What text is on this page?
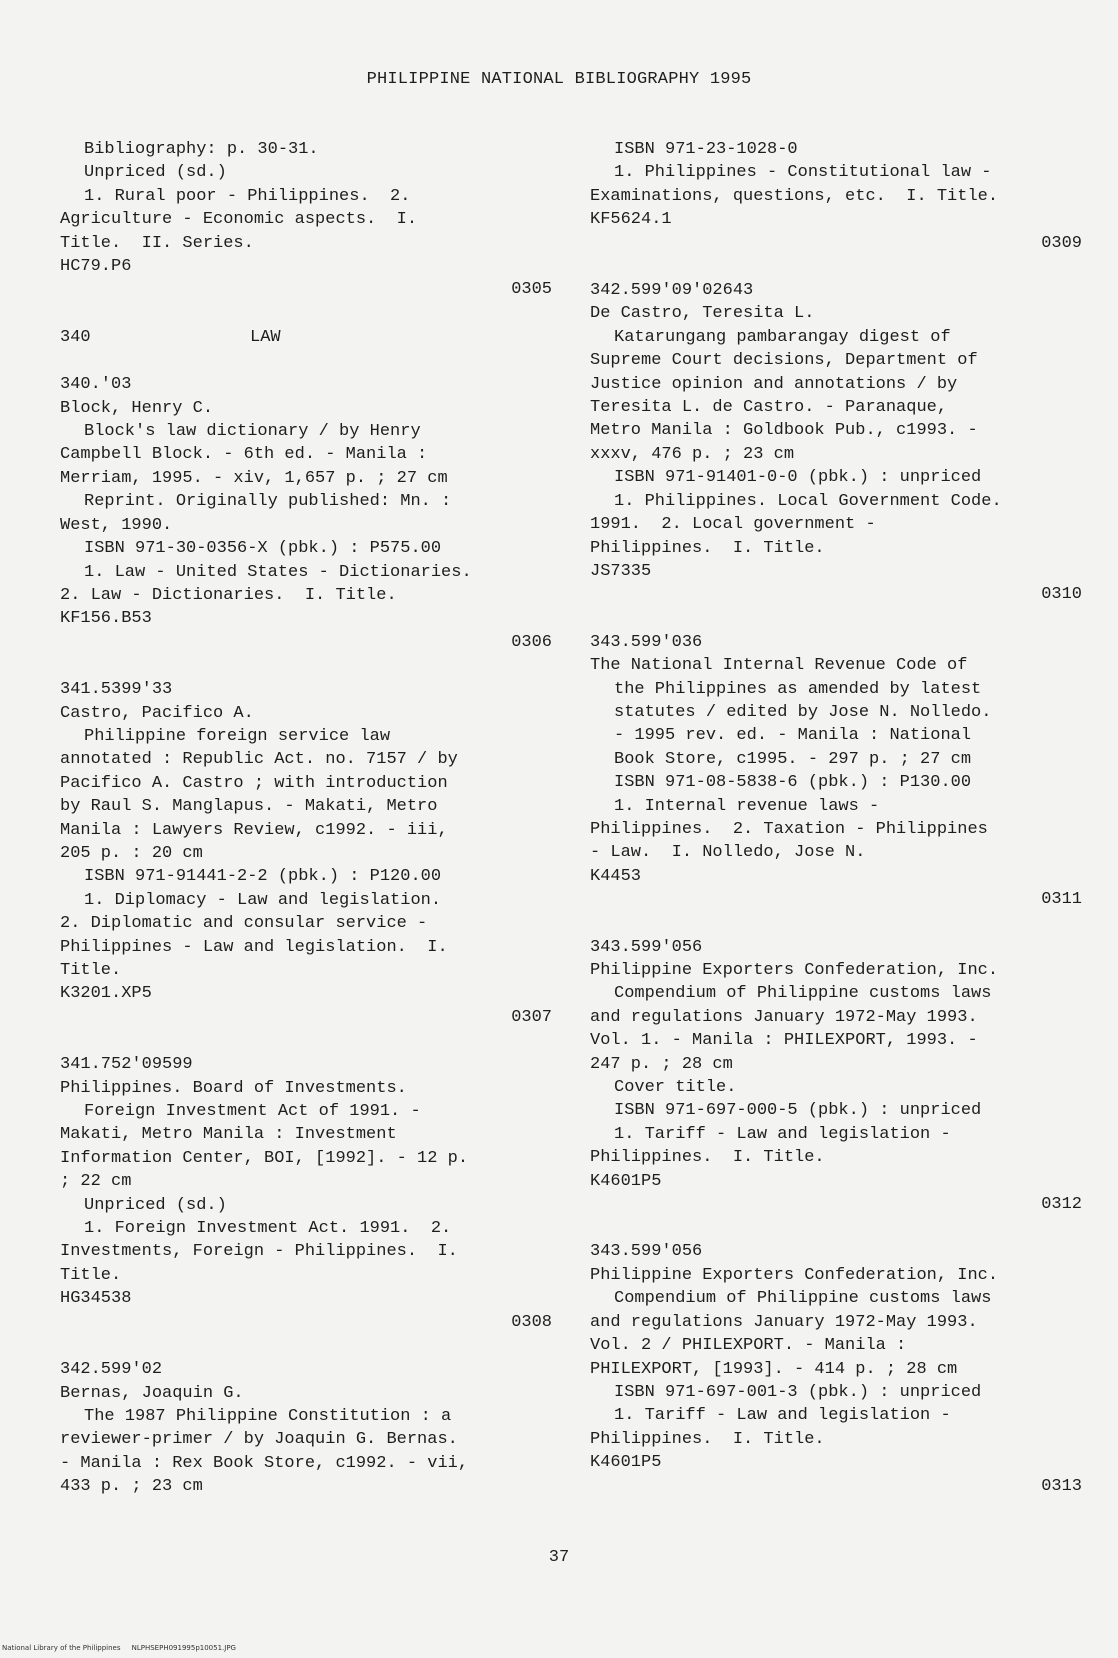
PHILIPPINE NATIONAL BIBLIOGRAPHY 1995
Bibliography: p. 30-31.
Unpriced (sd.)
1. Rural poor - Philippines.  2.
Agriculture - Economic aspects.  I.
Title.  II. Series.
HC79.P6
0305
340	LAW
340.'03
Block, Henry C.
Block's law dictionary / by Henry
Campbell Block. - 6th ed. - Manila :
Merriam, 1995. - xiv, 1,657 p. ; 27 cm
Reprint. Originally published: Mn. :
West, 1990.
ISBN 971-30-0356-X (pbk.) : P575.00
1. Law - United States - Dictionaries.
2. Law - Dictionaries.  I. Title.
KF156.B53
0306
341.5399'33
Castro, Pacifico A.
Philippine foreign service law
annotated : Republic Act. no. 7157 / by
Pacifico A. Castro ; with introduction
by Raul S. Manglapus. - Makati, Metro
Manila : Lawyers Review, c1992. - iii,
205 p. : 20 cm
ISBN 971-91441-2-2 (pbk.) : P120.00
1. Diplomacy - Law and legislation.
2. Diplomatic and consular service -
Philippines - Law and legislation.  I.
Title.
K3201.XP5
0307
341.752'09599
Philippines. Board of Investments.
Foreign Investment Act of 1991. -
Makati, Metro Manila : Investment
Information Center, BOI, [1992]. - 12 p.
; 22 cm
Unpriced (sd.)
1. Foreign Investment Act. 1991.  2.
Investments, Foreign - Philippines.  I.
Title.
HG34538
0308
342.599'02
Bernas, Joaquin G.
The 1987 Philippine Constitution : a
reviewer-primer / by Joaquin G. Bernas.
- Manila : Rex Book Store, c1992. - vii,
433 p. ; 23 cm
ISBN 971-23-1028-0
1. Philippines - Constitutional law -
Examinations, questions, etc.  I. Title.
KF5624.1
0309
342.599'09'02643
De Castro, Teresita L.
Katarungang pambarangay digest of
Supreme Court decisions, Department of
Justice opinion and annotations / by
Teresita L. de Castro. - Paranaque,
Metro Manila : Goldbook Pub., c1993. -
xxxv, 476 p. ; 23 cm
ISBN 971-91401-0-0 (pbk.) : unpriced
1. Philippines. Local Government Code.
1991.  2. Local government -
Philippines.  I. Title.
JS7335
0310
343.599'036
The National Internal Revenue Code of
the Philippines as amended by latest
statutes / edited by Jose N. Nolledo.
- 1995 rev. ed. - Manila : National
Book Store, c1995. - 297 p. ; 27 cm
ISBN 971-08-5838-6 (pbk.) : P130.00
1. Internal revenue laws -
Philippines.  2. Taxation - Philippines
- Law.  I. Nolledo, Jose N.
K4453
0311
343.599'056
Philippine Exporters Confederation, Inc.
Compendium of Philippine customs laws
and regulations January 1972-May 1993.
Vol. 1. - Manila : PHILEXPORT, 1993. -
247 p. ; 28 cm
Cover title.
ISBN 971-697-000-5 (pbk.) : unpriced
1. Tariff - Law and legislation -
Philippines.  I. Title.
K4601P5
0312
343.599'056
Philippine Exporters Confederation, Inc.
Compendium of Philippine customs laws
and regulations January 1972-May 1993.
Vol. 2 / PHILEXPORT. - Manila :
PHILEXPORT, [1993]. - 414 p. ; 28 cm
ISBN 971-697-001-3 (pbk.) : unpriced
1. Tariff - Law and legislation -
Philippines.  I. Title.
K4601P5
0313
37
National Library of the Philippines     NLPHSEPH091995p10051.JPG
